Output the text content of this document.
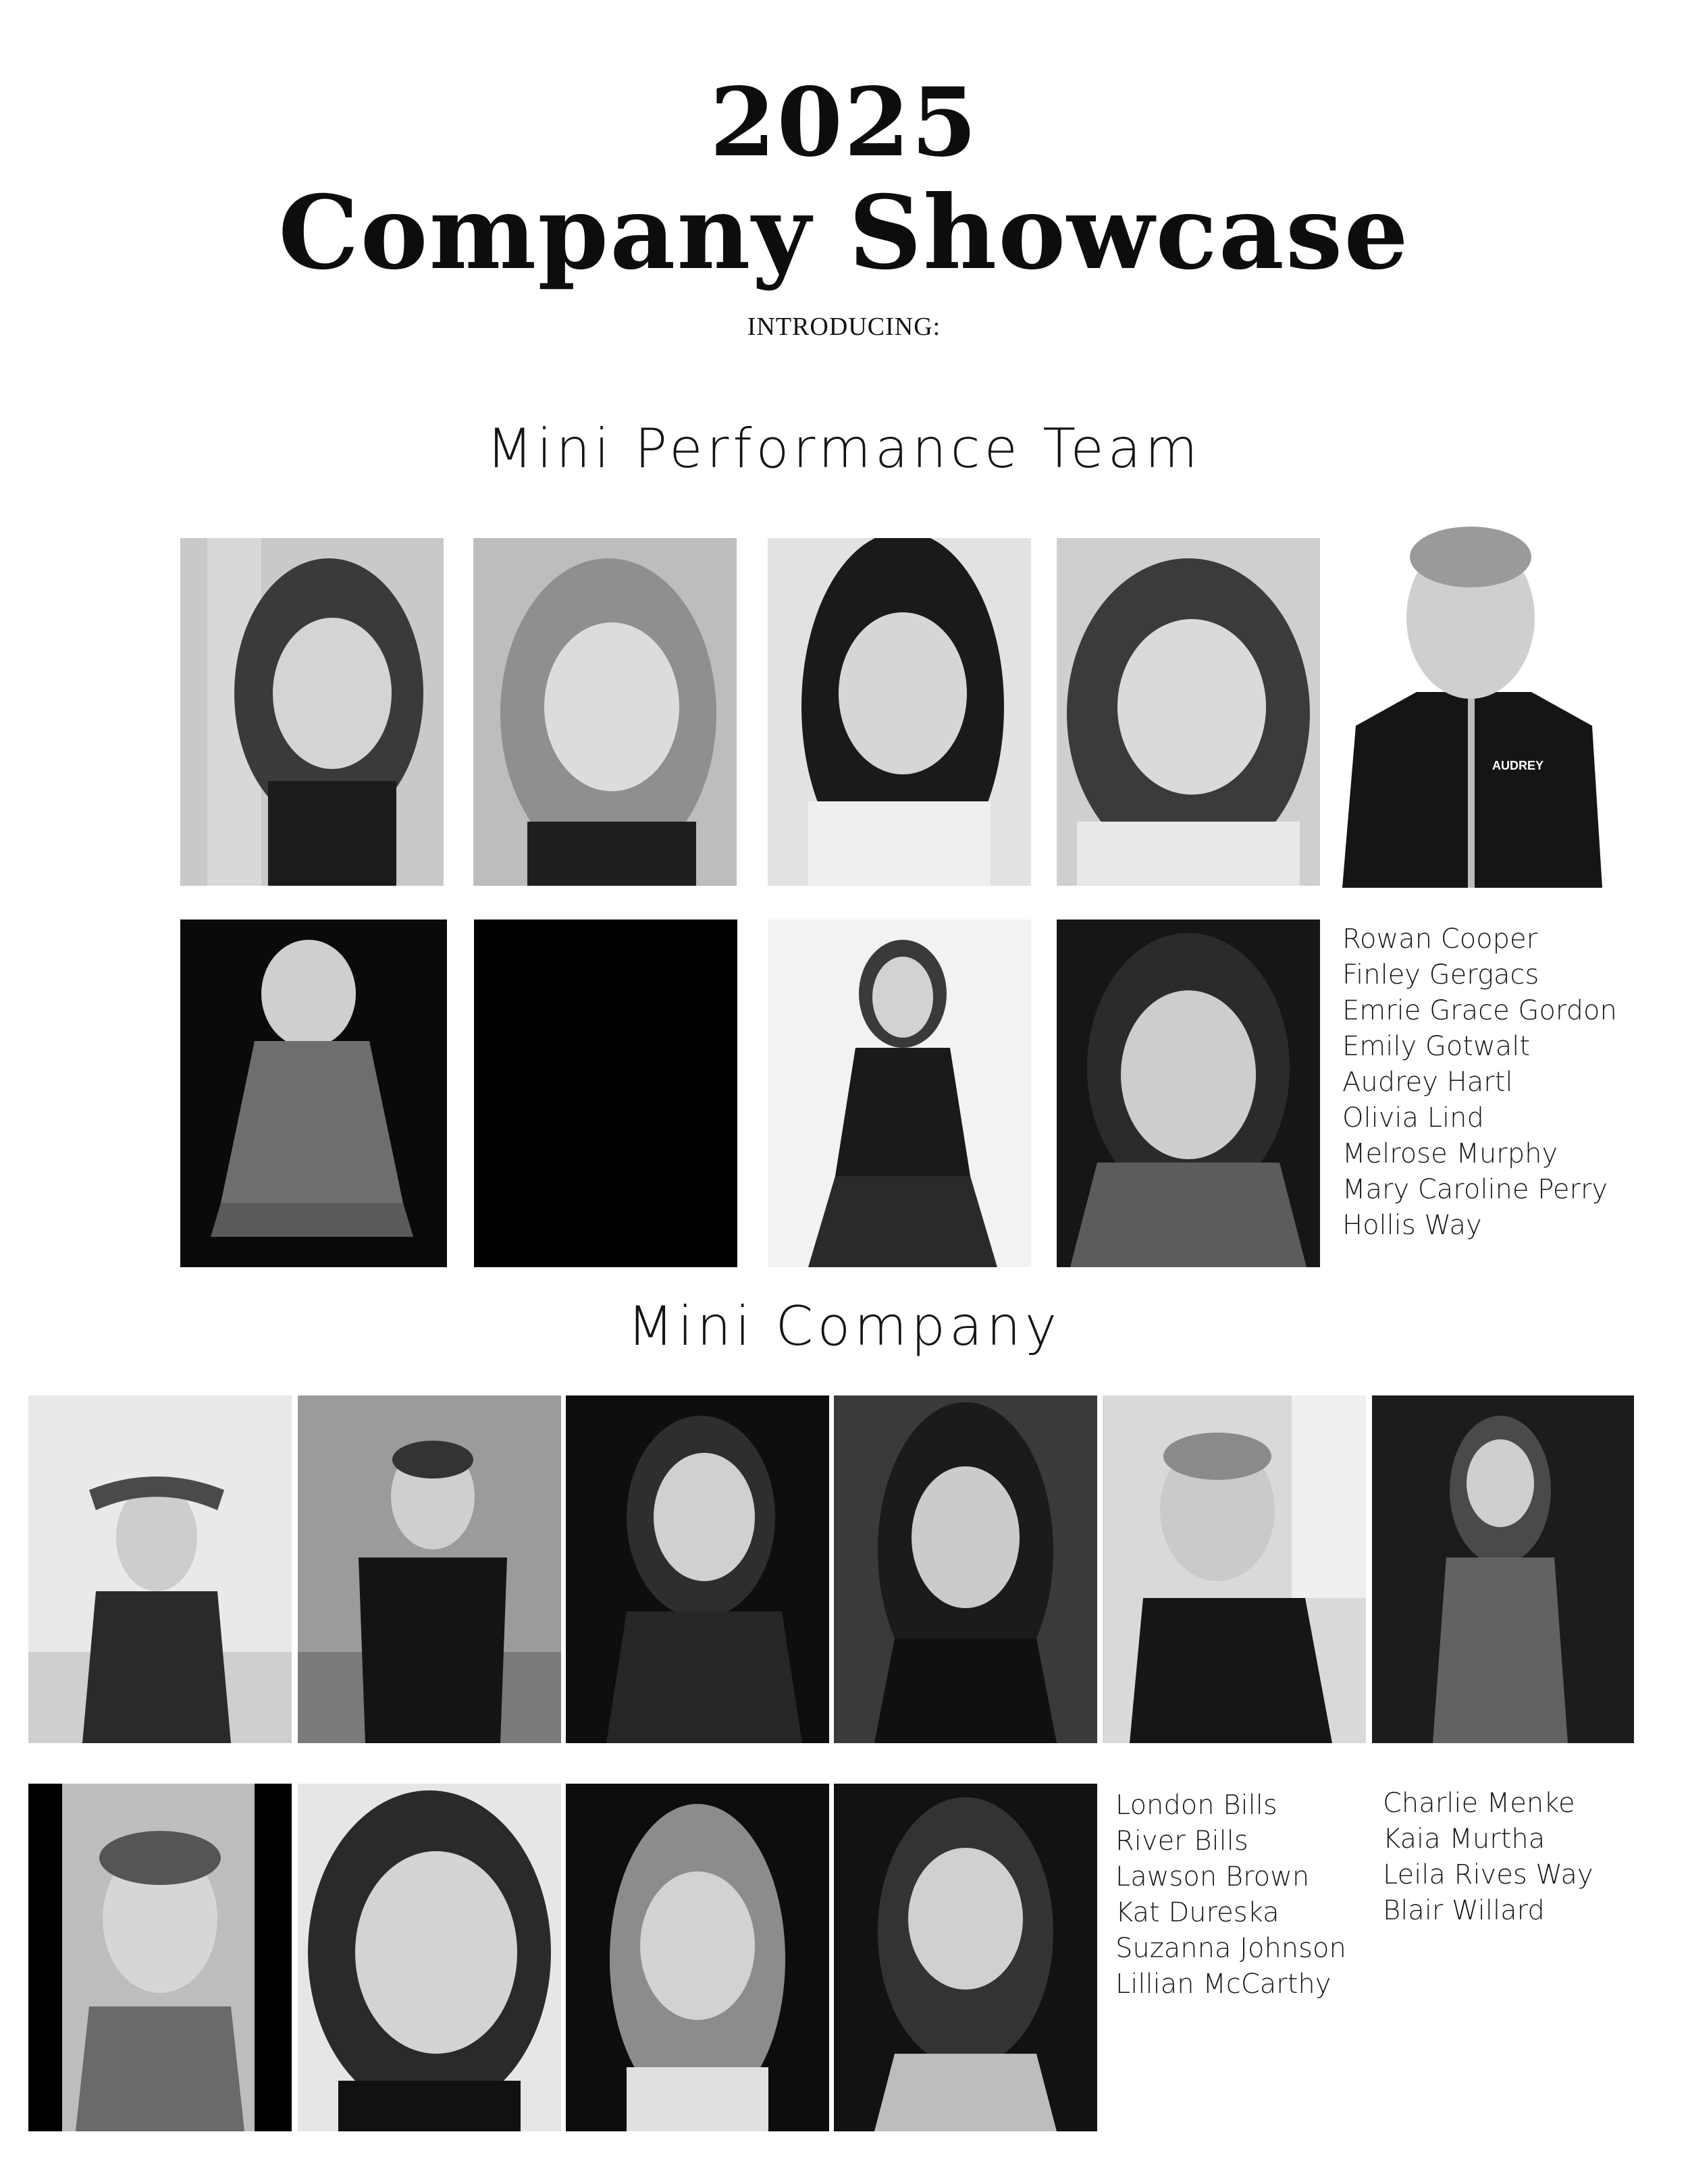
2025
Company Showcase
INTRODUCING:
Mini Performance Team
AUDREY
Rowan Cooper
Finley Gergacs
Emrie Grace Gordon
Emily Gotwalt
Audrey Hartl
Olivia Lind
Melrose Murphy
Mary Caroline Perry
Hollis Way
Mini Company
London Bills
River Bills
Lawson Brown
Kat Dureska
Suzanna Johnson
Lillian McCarthy
Charlie Menke
Kaia Murtha
Leila Rives Way
Blair Willard
